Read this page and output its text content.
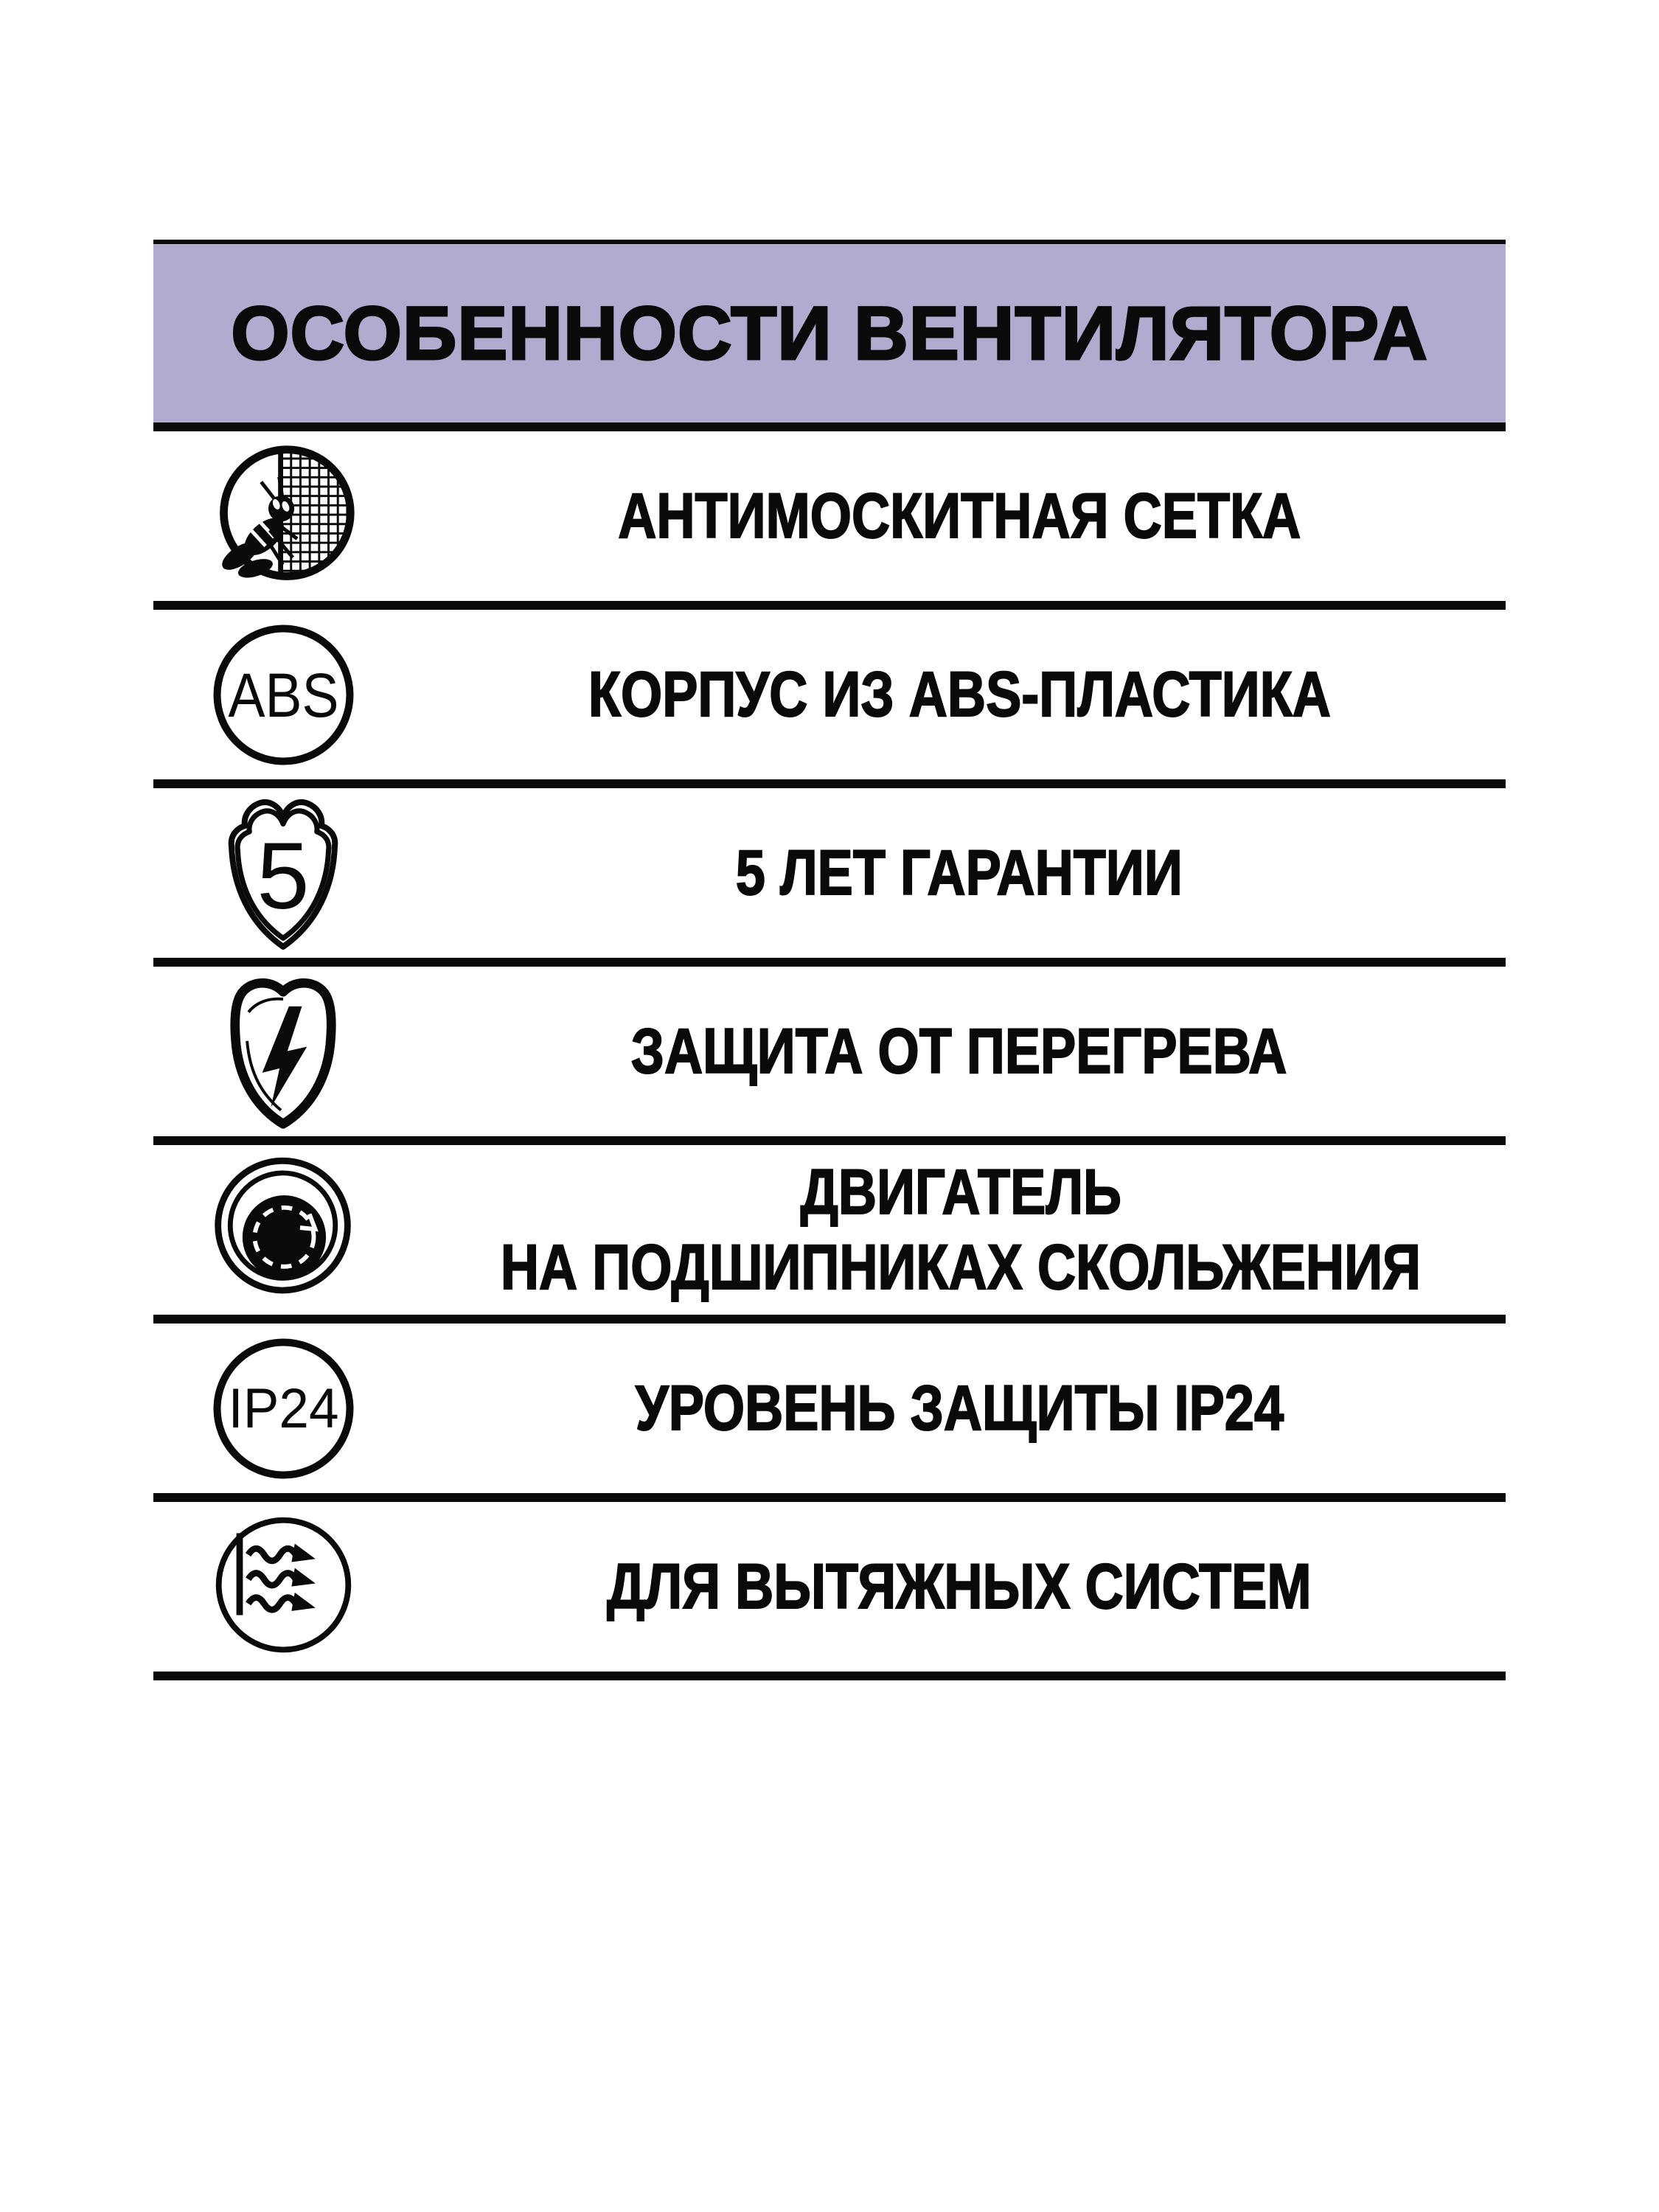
ОСОБЕННОСТИ ВЕНТИЛЯТОРА
АНТИМОСКИТНАЯ СЕТКА
ABS	КОРПУС ИЗ ABS-ПЛАСТИКА
5	5 ЛЕТ ГАРАНТИИ
ЗАЩИТА ОТ ПЕРЕГРЕВА
ДВИГАТЕЛЬ
НА ПОДШИПНИКАХ СКОЛЬЖЕНИЯ
IP24	УРОВЕНЬ ЗАЩИТЫ IP24
ДЛЯ ВЫТЯЖНЫХ СИСТЕМ
